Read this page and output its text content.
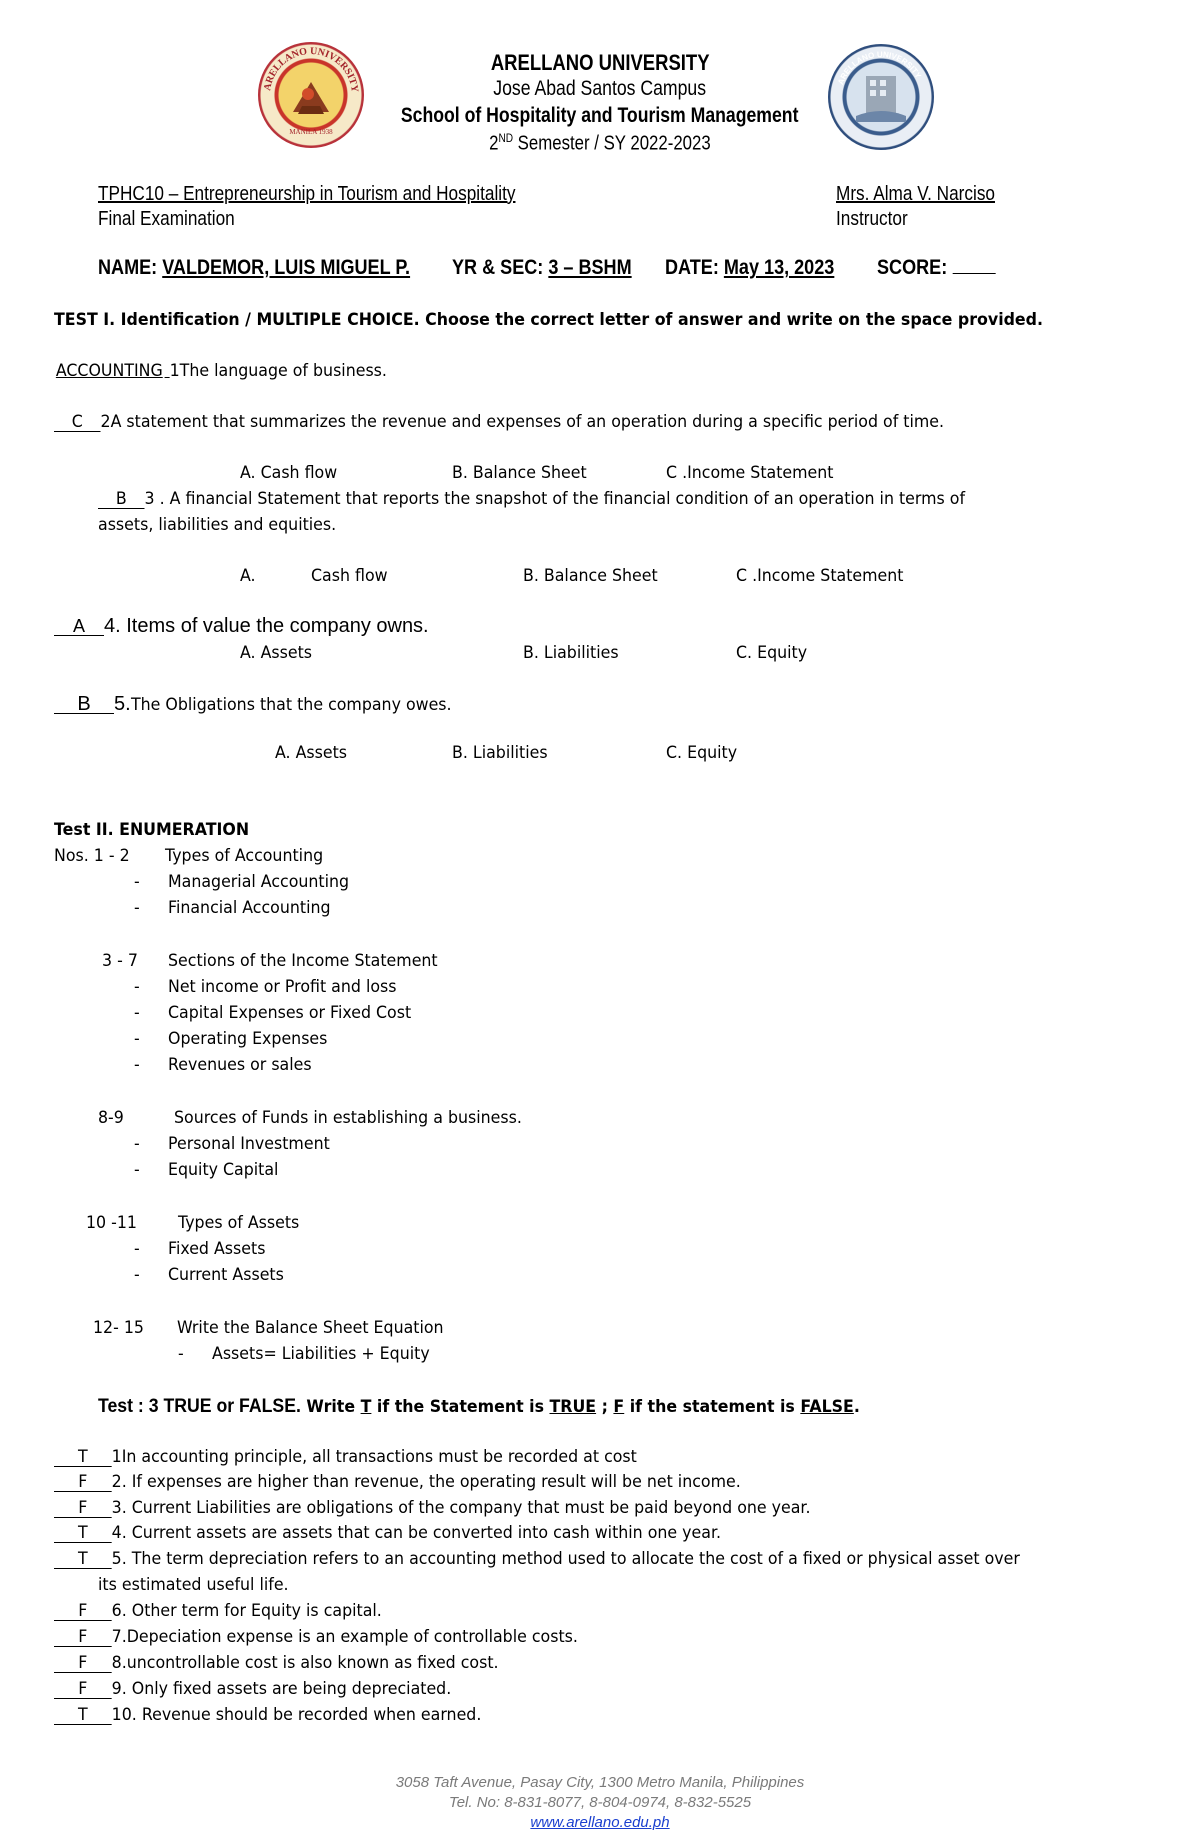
ARELLANO UNIVERSITY
MANILA 1938
ARELLANO UNIVERSITY
ARELLANO UNIVERSITY
Jose Abad Santos Campus
School of Hospitality and Tourism Management
2ND Semester / SY 2022-2023
TPHC10 – Entrepreneurship in Tourism and Hospitality
Final Examination
Mrs. Alma V. Narciso
Instructor
NAME: VALDEMOR, LUIS MIGUEL P. YR & SEC: 3 – BSHM DATE: May 13, 2023 SCORE:
TEST I. Identification / MULTIPLE CHOICE. Choose the correct letter of answer and write on the space provided.
ACCOUNTING 1The language of business.
C 2A statement that summarizes the revenue and expenses of an operation during a specific period of time.
A. Cash flow	B. Balance Sheet	C .Income Statement
B 3 . A financial Statement that reports the snapshot of the financial condition of an operation in terms of
assets, liabilities and equities.
A.	Cash flow	B. Balance Sheet	C .Income Statement
A 4. Items of value the company owns.
A. Assets	B. Liabilities	C. Equity
B 5.The Obligations that the company owes.
A. Assets	B. Liabilities	C. Equity
Test II. ENUMERATION
Nos. 1 - 2 Types of Accounting
- Managerial Accounting
- Financial Accounting
3 - 7 Sections of the Income Statement
- Net income or Profit and loss
- Capital Expenses or Fixed Cost
- Operating Expenses
- Revenues or sales
8-9	Sources of Funds in establishing a business.
- Personal Investment
- Equity Capital
10 -11 Types of Assets
- Fixed Assets
- Current Assets
12- 15 Write the Balance Sheet Equation
- Assets= Liabilities + Equity
Test : 3 TRUE or FALSE. Write T if the Statement is TRUE ; F if the statement is FALSE.
T 1In accounting principle, all transactions must be recorded at cost
F 2. If expenses are higher than revenue, the operating result will be net income.
F 3. Current Liabilities are obligations of the company that must be paid beyond one year.
T 4. Current assets are assets that can be converted into cash within one year.
T 5. The term depreciation refers to an accounting method used to allocate the cost of a fixed or physical asset over
its estimated useful life.
F 6. Other term for Equity is capital.
F 7.Depeciation expense is an example of controllable costs.
F 8.uncontrollable cost is also known as fixed cost.
F 9. Only fixed assets are being depreciated.
T 10. Revenue should be recorded when earned.
3058 Taft Avenue, Pasay City, 1300 Metro Manila, Philippines
Tel. No: 8-831-8077, 8-804-0974, 8-832-5525
www.arellano.edu.ph
